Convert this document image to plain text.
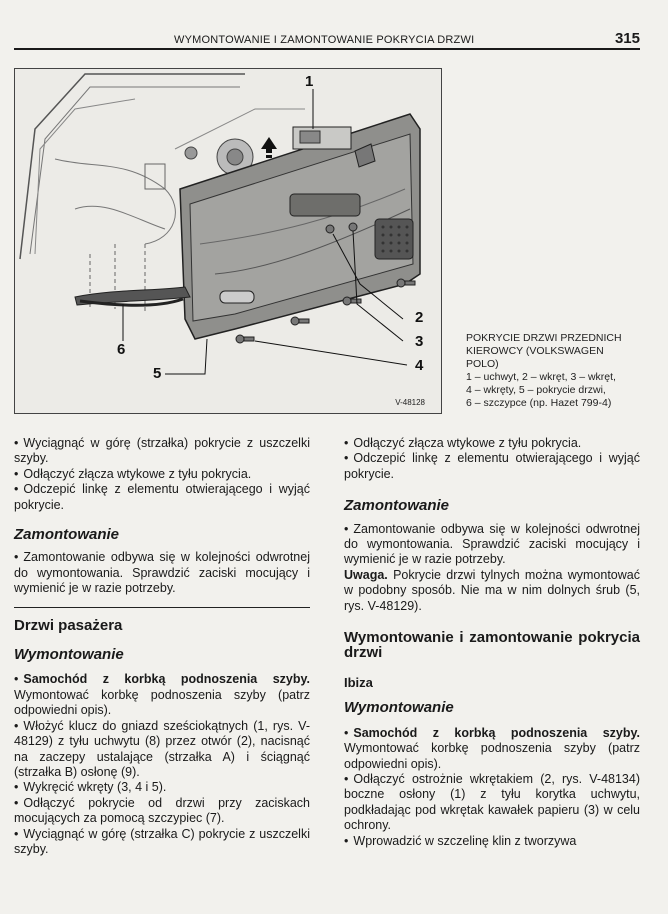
WYMONTOWANIE I ZAMONTOWANIE POKRYCIA DRZWI	315
1
2
3
4
5
6
V-48128
POKRYCIE DRZWI PRZEDNICH
KIEROWCY (VOLKSWAGEN
POLO)
1 – uchwyt, 2 – wkręt, 3 – wkręt,
4 – wkręty, 5 – pokrycie drzwi,
6 – szczypce (np. Hazet 799-4)

• Wyciągnąć w górę (strzałka) pokrycie z uszczelki szyby.

• Odłączyć złącza wtykowe z tyłu pokrycia.

• Odczepić linkę z elementu otwierającego i wyjąć pokrycie.

Zamontowanie

• Zamontowanie odbywa się w kolejności odwrotnej do wymontowania. Sprawdzić zaciski mocujący i wymienić je w razie potrzeby.

Drzwi pasażera

Wymontowanie

• Samochód z korbką podnoszenia szyby. Wymontować korbkę podnoszenia szyby (patrz odpowiedni opis).

• Włożyć klucz do gniazd sześciokątnych (1, rys. V-48129) z tyłu uchwytu (8) przez otwór (2), nacisnąć na zaczepy ustalające (strzałka A) i ściągnąć (strzałka B) osłonę (9).

• Wykręcić wkręty (3, 4 i 5).

• Odłączyć pokrycie od drzwi przy zaciskach mocujących za pomocą szczypiec (7).

• Wyciągnąć w górę (strzałka C) pokrycie z uszczelki szyby.

• Odłączyć złącza wtykowe z tyłu pokrycia.

• Odczepić linkę z elementu otwierającego i wyjąć pokrycie.

Zamontowanie

• Zamontowanie odbywa się w kolejności odwrotnej do wymontowania. Sprawdzić zaciski mocujący i wymienić je w razie potrzeby.

Uwaga. Pokrycie drzwi tylnych można wymontować w podobny sposób. Nie ma w nim dolnych śrub (5, rys. V-48129).

Wymontowanie i zamontowanie pokrycia drzwi

Ibiza

Wymontowanie

• Samochód z korbką podnoszenia szyby. Wymontować korbkę podnoszenia szyby (patrz odpowiedni opis).

• Odłączyć ostrożnie wkrętakiem (2, rys. V-48134) boczne osłony (1) z tyłu korytka uchwytu, podkładając pod wkrętak kawałek papieru (3) w celu ochrony.

• Wprowadzić w szczelinę klin z tworzywa
